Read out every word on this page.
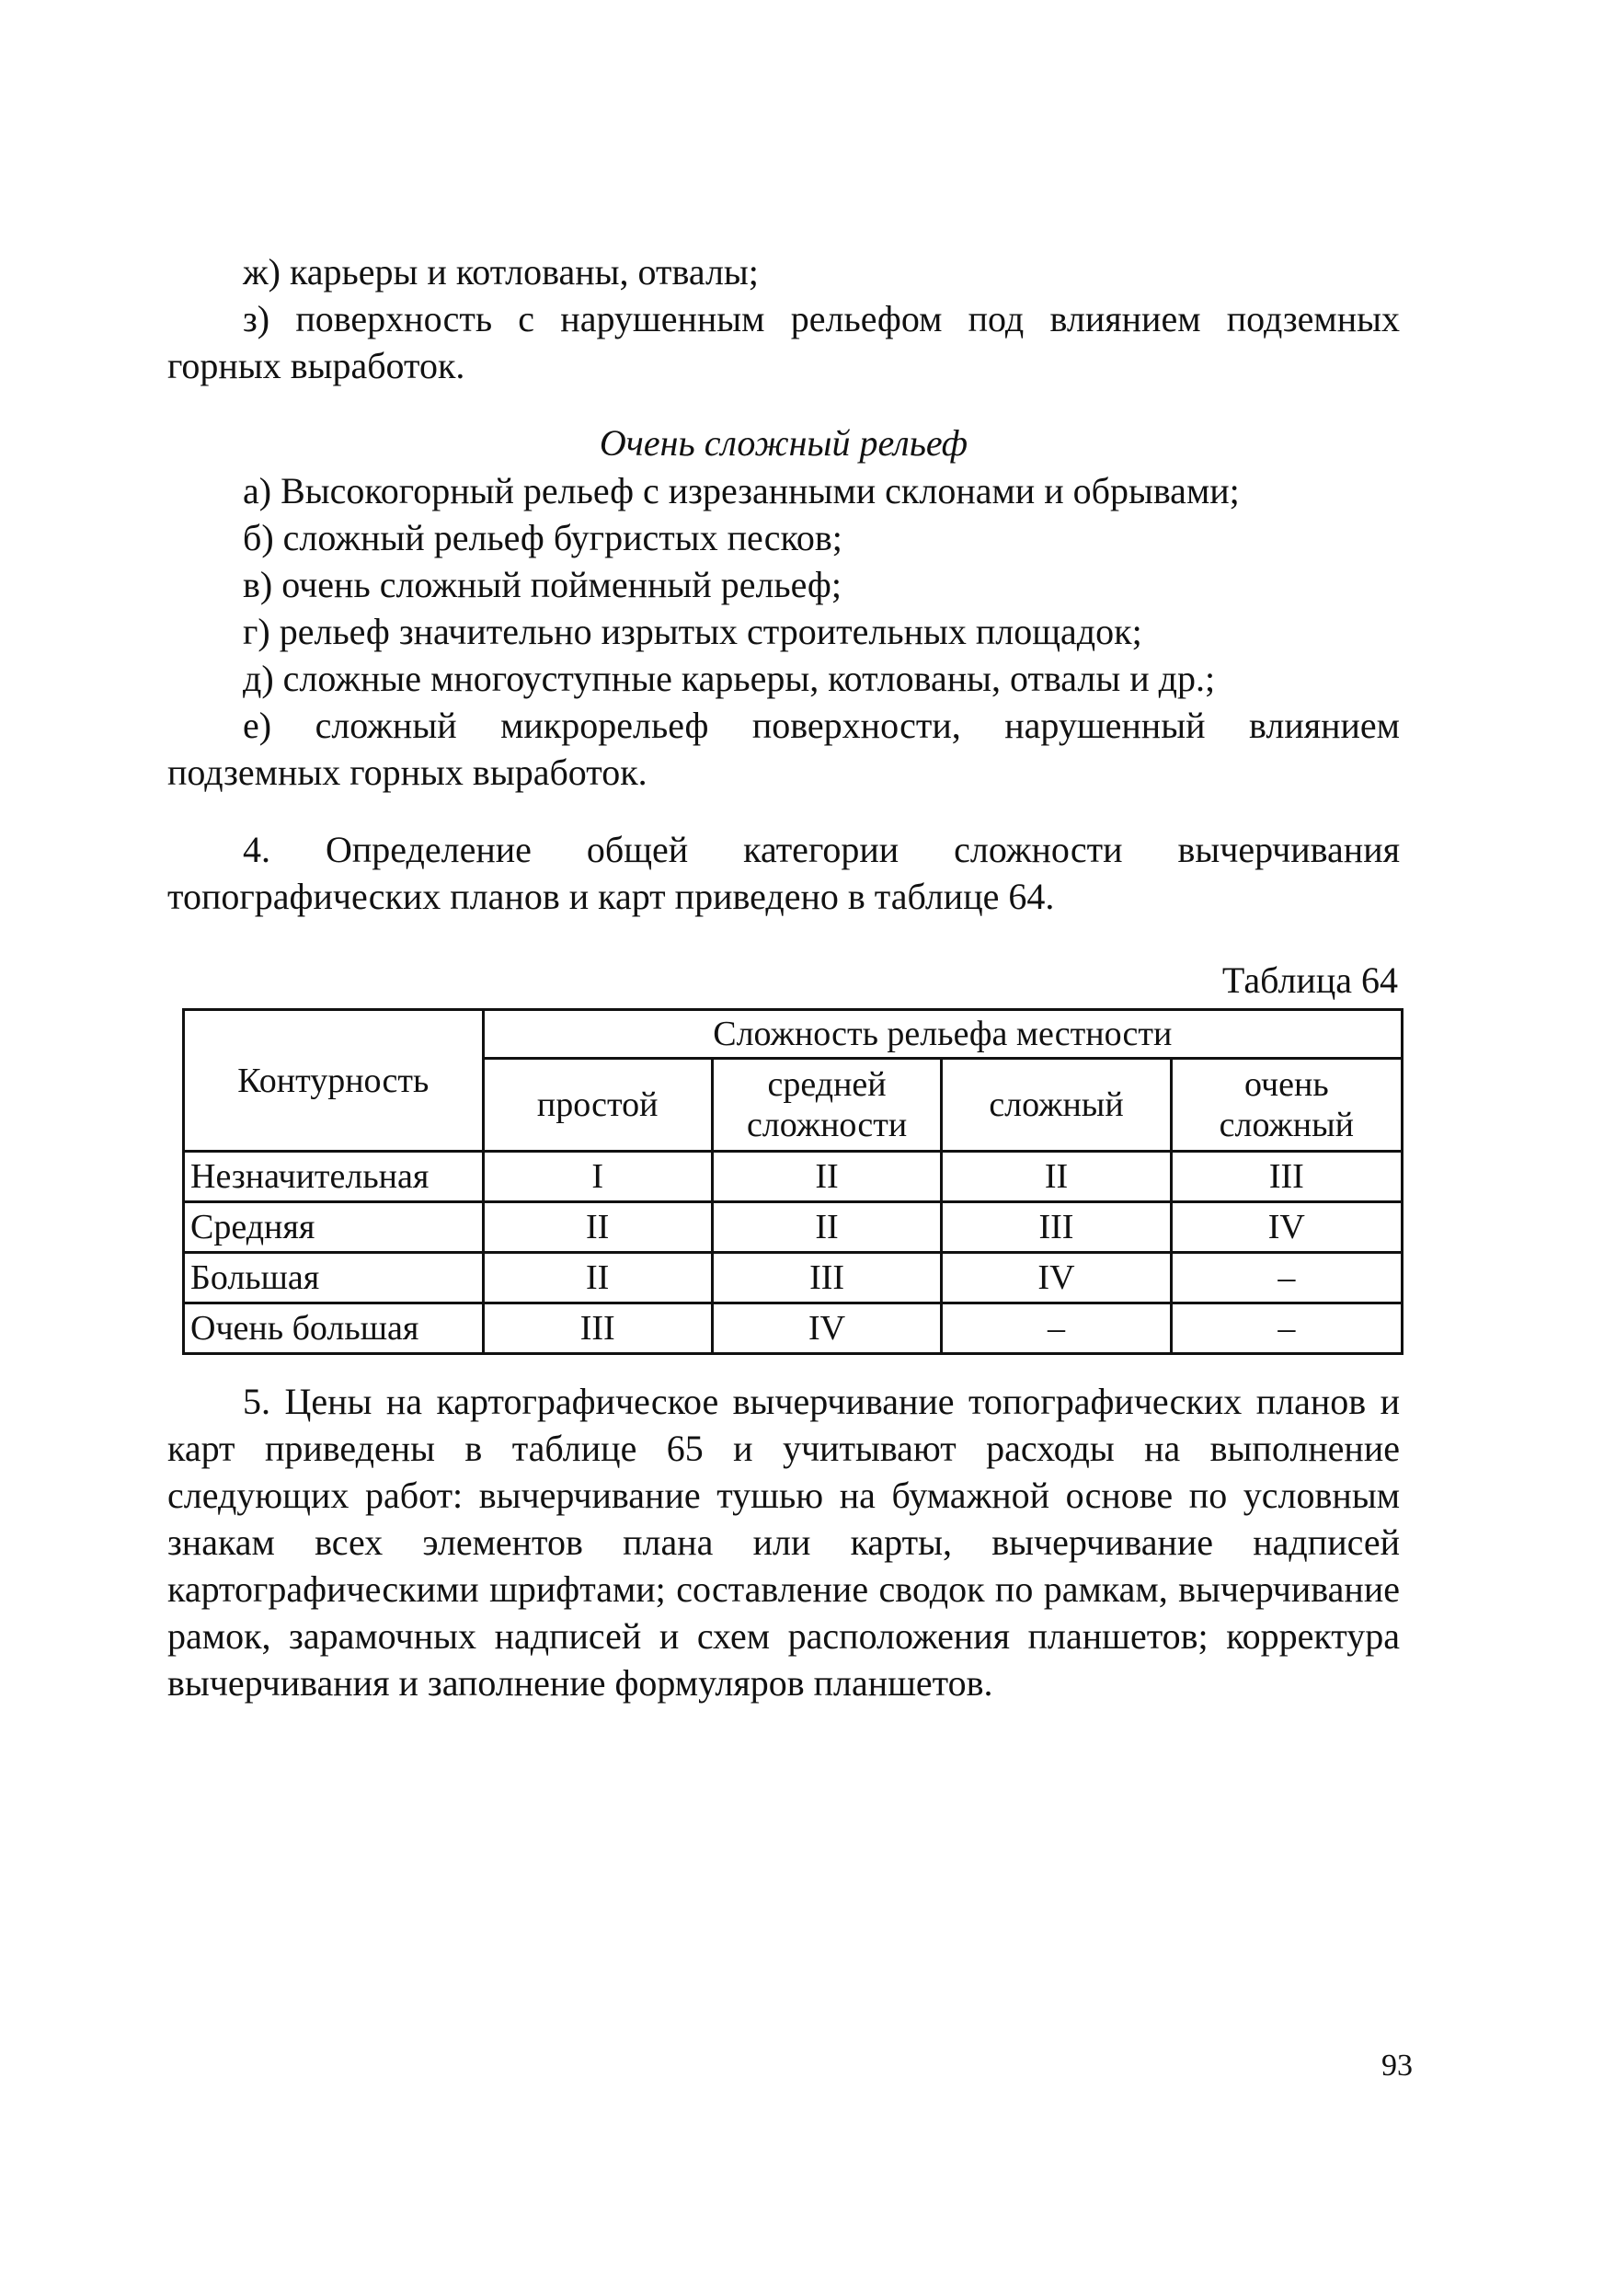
ж) карьеры и котлованы, отвалы;

з) поверхность с нарушенным рельефом под влиянием подземных горных выработок.

Очень сложный рельеф

а) Высокогорный рельеф с изрезанными склонами и обрывами;

б) сложный рельеф бугристых песков;

в) очень сложный пойменный рельеф;

г) рельеф значительно изрытых строительных площадок;

д) сложные многоуступные карьеры, котлованы, отвалы и др.;

е) сложный микрорельеф поверхности, нарушенный влиянием подземных горных выработок.

4. Определение общей категории сложности вычерчивания топографических планов и карт приведено в таблице 64.

Таблица 64

Контурность	Сложность рельефа местности			
	простой	средней сложности	сложный	очень сложный
Незначительная	I	II	II	III
Средняя	II	II	III	IV
Большая	II	III	IV	–
Очень большая	III	IV	–	–

5. Цены на картографическое вычерчивание топографических планов и карт приведены в таблице 65 и учитывают расходы на выполнение следующих работ: вычерчивание тушью на бумажной основе по условным знакам всех элементов плана или карты, вычерчивание надписей картографическими шрифтами; составление сводок по рамкам, вычерчивание рамок, зарамочных надписей и схем расположения планшетов; корректура вычерчивания и заполнение формуляров планшетов.

93
